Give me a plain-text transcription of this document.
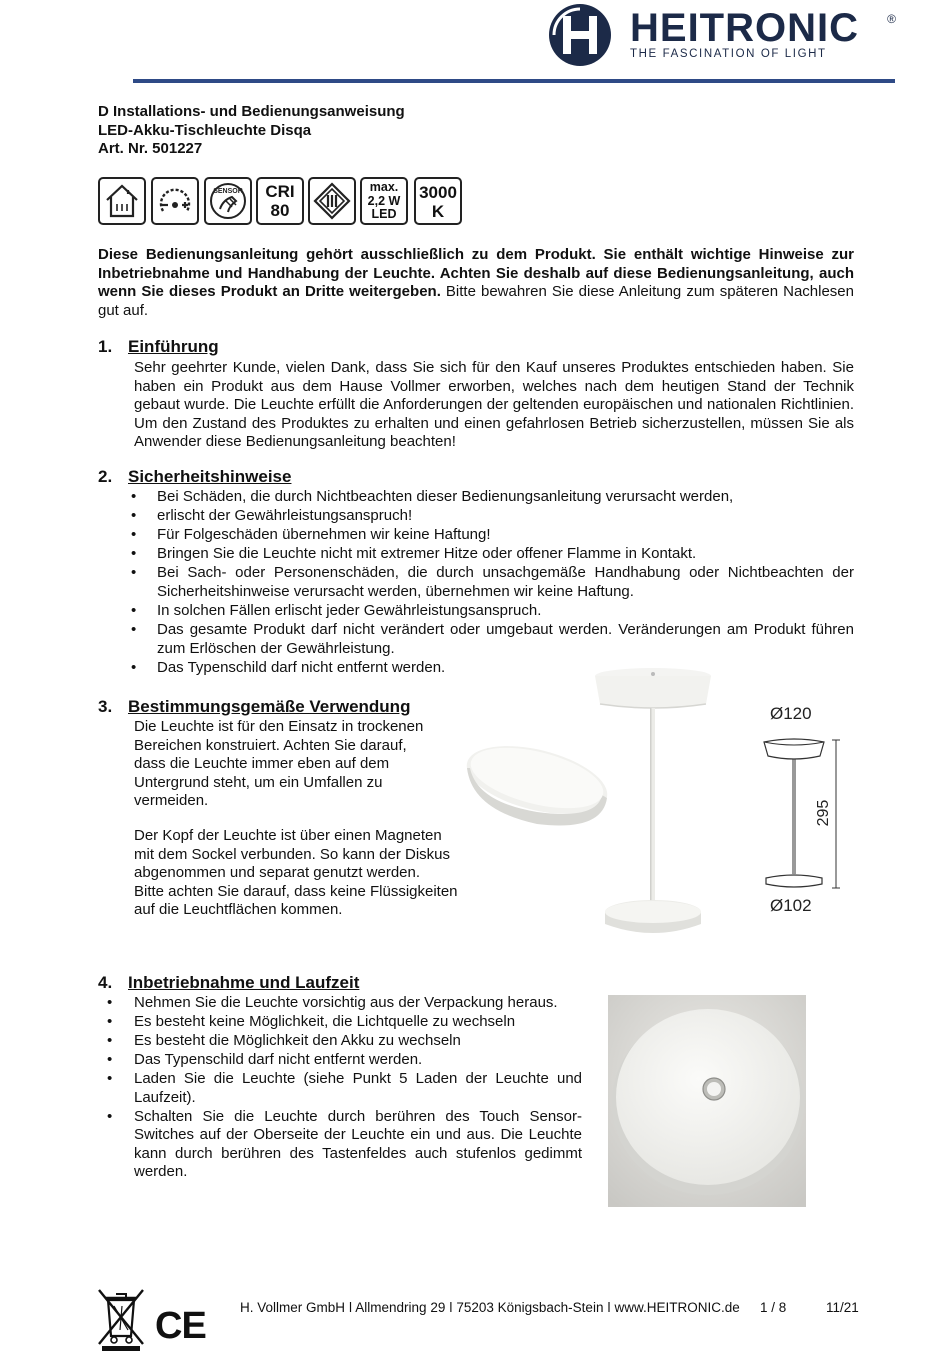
HEITRONIC ®
THE FASCINATION OF LIGHT
D Installations- und Bedienungsanweisung
LED-Akku-Tischleuchte Disqa
Art. Nr. 501227
SENSOR	CRI
80
max.
2,2 W
LED
3000
K
Diese Bedienungsanleitung gehört ausschließlich zu dem Produkt. Sie enthält wichtige Hinweise zur Inbetriebnahme und Handhabung der Leuchte. Achten Sie deshalb auf diese Bedienungsanleitung, auch wenn Sie dieses Produkt an Dritte weitergeben. Bitte bewahren Sie diese Anleitung zum späteren Nachlesen gut auf.
1. Einführung
Sehr geehrter Kunde, vielen Dank, dass Sie sich für den Kauf unseres Produktes entschieden haben. Sie haben ein Produkt aus dem Hause Vollmer erworben, welches nach dem heutigen Stand der Technik gebaut wurde. Die Leuchte erfüllt die Anforderungen der geltenden europäischen und nationalen Richtlinien. Um den Zustand des Produktes zu erhalten und einen gefahrlosen Betrieb sicherzustellen, müssen Sie als Anwender diese Bedienungsanleitung beachten!
2. Sicherheitshinweise
• Bei Schäden, die durch Nichtbeachten dieser Bedienungsanleitung verursacht werden,
• erlischt der Gewährleistungsanspruch!
• Für Folgeschäden übernehmen wir keine Haftung!
• Bringen Sie die Leuchte nicht mit extremer Hitze oder offener Flamme in Kontakt.
• Bei Sach- oder Personenschäden, die durch unsachgemäße Handhabung oder Nichtbeachten der Sicherheitshinweise verursacht werden, übernehmen wir keine Haftung.
• In solchen Fällen erlischt jeder Gewährleistungsanspruch.
• Das gesamte Produkt darf nicht verändert oder umgebaut werden. Veränderungen am Produkt führen zum Erlöschen der Gewährleistung.
• Das Typenschild darf nicht entfernt werden.
3. Bestimmungsgemäße Verwendung
Die Leuchte ist für den Einsatz in trockenen
Bereichen konstruiert. Achten Sie darauf,
dass die Leuchte immer eben auf dem
Untergrund steht, um ein Umfallen zu
vermeiden.
Der Kopf der Leuchte ist über einen Magneten
mit dem Sockel verbunden. So kann der Diskus
abgenommen und separat genutzt werden.
Bitte achten Sie darauf, dass keine Flüssigkeiten
auf die Leuchtflächen kommen.
Ø120
295
Ø102
4. Inbetriebnahme und Laufzeit
• Nehmen Sie die Leuchte vorsichtig aus der Verpackung heraus.
• Es besteht keine Möglichkeit, die Lichtquelle zu wechseln
• Es besteht die Möglichkeit den Akku zu wechseln
• Das Typenschild darf nicht entfernt werden.
• Laden Sie die Leuchte (siehe Punkt 5 Laden der Leuchte und Laufzeit).
• Schalten Sie die Leuchte durch berühren des Touch Sensor-Switches auf der Oberseite der Leuchte ein und aus. Die Leuchte kann durch berühren des Tastenfeldes auch stufenlos gedimmt werden.
CE	H. Vollmer GmbH ǀ Allmendring 29 ǀ 75203 Königsbach-Stein ǀ www.HEITRONIC.de 1 / 8	11/21
